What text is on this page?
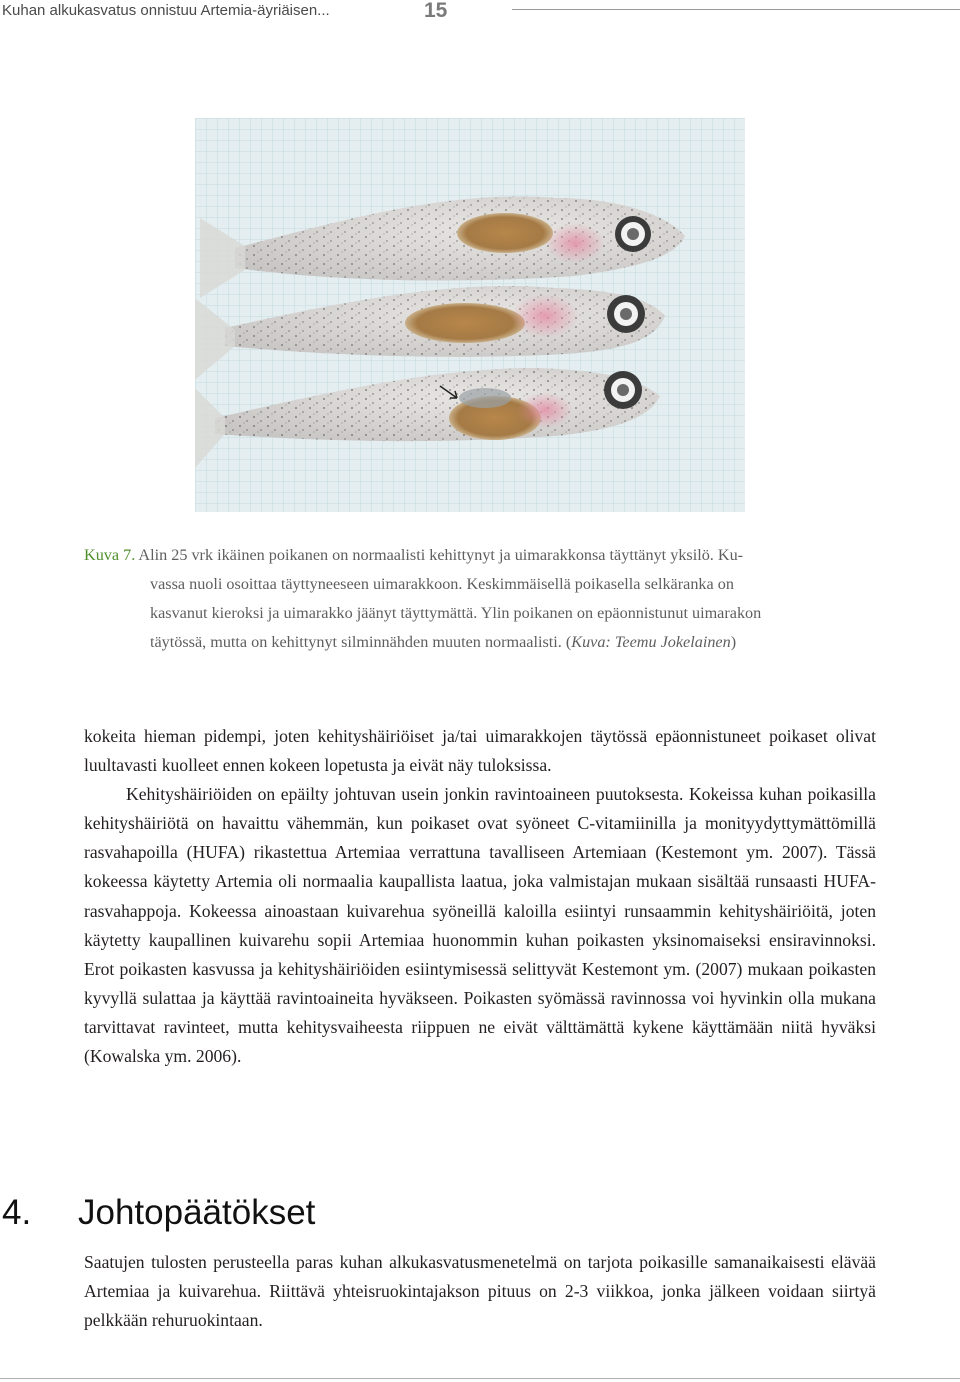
Kuhan alkukasvatus onnistuu Artemia-äyriäisen...	15
Kuva 7. Alin 25 vrk ikäinen poikanen on normaalisti kehittynyt ja uimarakkonsa täyttänyt yksilö. Ku-
vassa nuoli osoittaa täyttyneeseen uimarakkoon. Keskimmäisellä poikasella selkäranka on
kasvanut kieroksi ja uimarakko jäänyt täyttymättä. Ylin poikanen on epäonnistunut uimarakon
täytössä, mutta on kehittynyt silminnähden muuten normaalisti. (Kuva: Teemu Jokelainen)

kokeita hieman pidempi, joten kehityshäiriöiset ja/tai uimarakkojen täytössä epäonnistuneet poikaset olivat luultavasti kuolleet ennen kokeen lopetusta ja eivät näy tuloksissa.

Kehityshäiriöiden on epäilty johtuvan usein jonkin ravintoaineen puutoksesta. Kokeissa kuhan poikasilla kehityshäiriötä on havaittu vähemmän, kun poikaset ovat syöneet C-vitamiinilla ja monityydyttymättömillä rasvahapoilla (HUFA) rikastettua Artemiaa verrattuna tavalliseen Artemiaan (Kestemont ym. 2007). Tässä kokeessa käytetty Artemia oli normaalia kaupallista laatua, joka valmistajan mukaan sisältää runsaasti HUFA-rasvahappoja. Kokeessa ainoastaan kuivarehua syöneillä kaloilla esiintyi runsaammin kehityshäiriöitä, joten käytetty kaupallinen kuivarehu sopii Artemiaa huonommin kuhan poikasten yksinomaiseksi ensiravinnoksi. Erot poikasten kasvussa ja kehityshäiriöiden esiintymisessä selittyvät Kestemont ym. (2007) mukaan poikasten kyvyllä sulattaa ja käyttää ravintoaineita hyväkseen. Poikasten syömässä ravinnossa voi hyvinkin olla mukana tarvittavat ravinteet, mutta kehitysvaiheesta riippuen ne eivät välttämättä kykene käyttämään niitä hyväksi (Kowalska ym. 2006).

4. Johtopäätökset

Saatujen tulosten perusteella paras kuhan alkukasvatusmenetelmä on tarjota poikasille samanaikaisesti elävää Artemiaa ja kuivarehua. Riittävä yhteisruokintajakson pituus on 2-3 viikkoa, jonka jälkeen voidaan siirtyä pelkkään rehuruokintaan.
